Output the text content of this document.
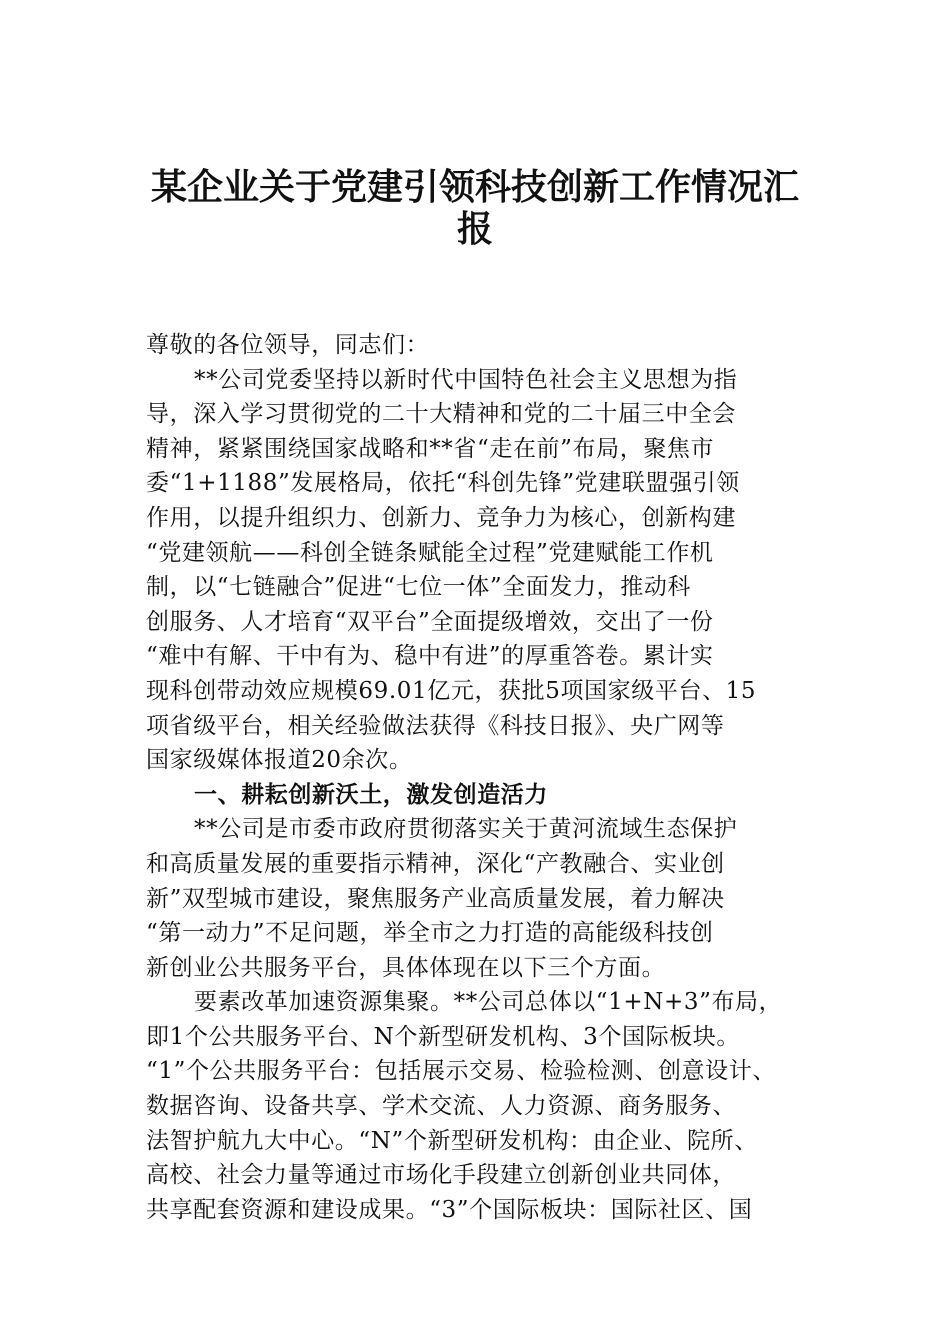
某企业关于党建引领科技创新工作情况汇
报
尊敬的各位领导，同志们：
**公司党委坚持以新时代中国特色社会主义思想为指
导，深入学习贯彻党的二十大精神和党的二十届三中全会
精神，紧紧围绕国家战略和**省“走在前”布局，聚焦市
委“1+1188”发展格局，依托“科创先锋”党建联盟强引领
作用，以提升组织力、创新力、竞争力为核心，创新构建
“党建领航——科创全链条赋能全过程”党建赋能工作机
制，以“七链融合”促进“七位一体”全面发力，推动科
创服务、人才培育“双平台”全面提级增效，交出了一份
“难中有解、干中有为、稳中有进”的厚重答卷。累计实
现科创带动效应规模69.01亿元，获批5项国家级平台、15
项省级平台，相关经验做法获得《科技日报》、央广网等
国家级媒体报道20余次。
一、耕耘创新沃土，激发创造活力
**公司是市委市政府贯彻落实关于黄河流域生态保护
和高质量发展的重要指示精神，深化“产教融合、实业创
新”双型城市建设，聚焦服务产业高质量发展，着力解决
“第一动力”不足问题，举全市之力打造的高能级科技创
新创业公共服务平台，具体体现在以下三个方面。
要素改革加速资源集聚。**公司总体以“1+N+3”布局，
即1个公共服务平台、N个新型研发机构、3个国际板块。
“1”个公共服务平台：包括展示交易、检验检测、创意设计、
数据咨询、设备共享、学术交流、人力资源、商务服务、
法智护航九大中心。“N”个新型研发机构：由企业、院所、
高校、社会力量等通过市场化手段建立创新创业共同体，
共享配套资源和建设成果。“3”个国际板块：国际社区、国
